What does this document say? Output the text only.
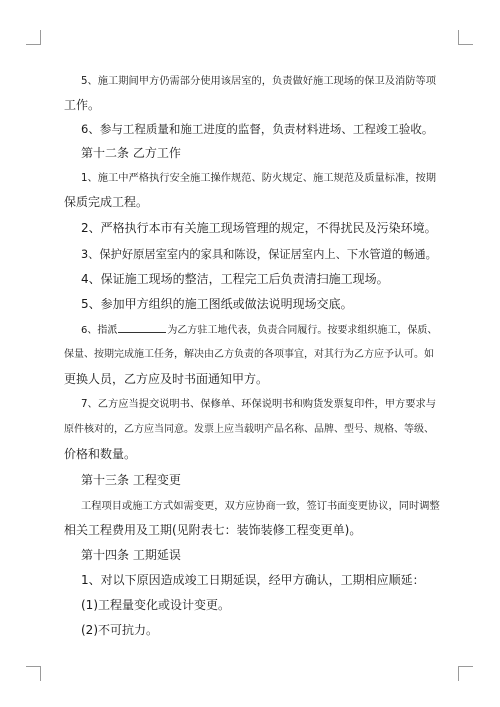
5、施工期间甲方仍需部分使用该居室的，负责做好施工现场的保卫及消防等项
工作。
6、参与工程质量和施工进度的监督，负责材料进场、工程竣工验收。
第十二条 乙方工作
1、施工中严格执行安全施工操作规范、防火规定、施工规范及质量标准，按期
保质完成工程。
2、严格执行本市有关施工现场管理的规定，不得扰民及污染环境。
3、保护好原居室室内的家具和陈设，保证居室内上、下水管道的畅通。
4、保证施工现场的整洁，工程完工后负责清扫施工现场。
5、参加甲方组织的施工图纸或做法说明现场交底。
6、指派	为乙方驻工地代表，负责合同履行。按要求组织施工，保质、
保量、按期完成施工任务，解决由乙方负责的各项事宜，对其行为乙方应予认可。如
更换人员，乙方应及时书面通知甲方。
7、乙方应当提交说明书、保修单、环保说明书和购货发票复印件，甲方要求与
原件核对的，乙方应当同意。发票上应当载明产品名称、品牌、型号、规格、等级、
价格和数量。
第十三条 工程变更
工程项目或施工方式如需变更，双方应协商一致，签订书面变更协议，同时调整
相关工程费用及工期(见附表七：装饰装修工程变更单)。
第十四条 工期延误
1、对以下原因造成竣工日期延误，经甲方确认，工期相应顺延：
(1)工程量变化或设计变更。
(2)不可抗力。
